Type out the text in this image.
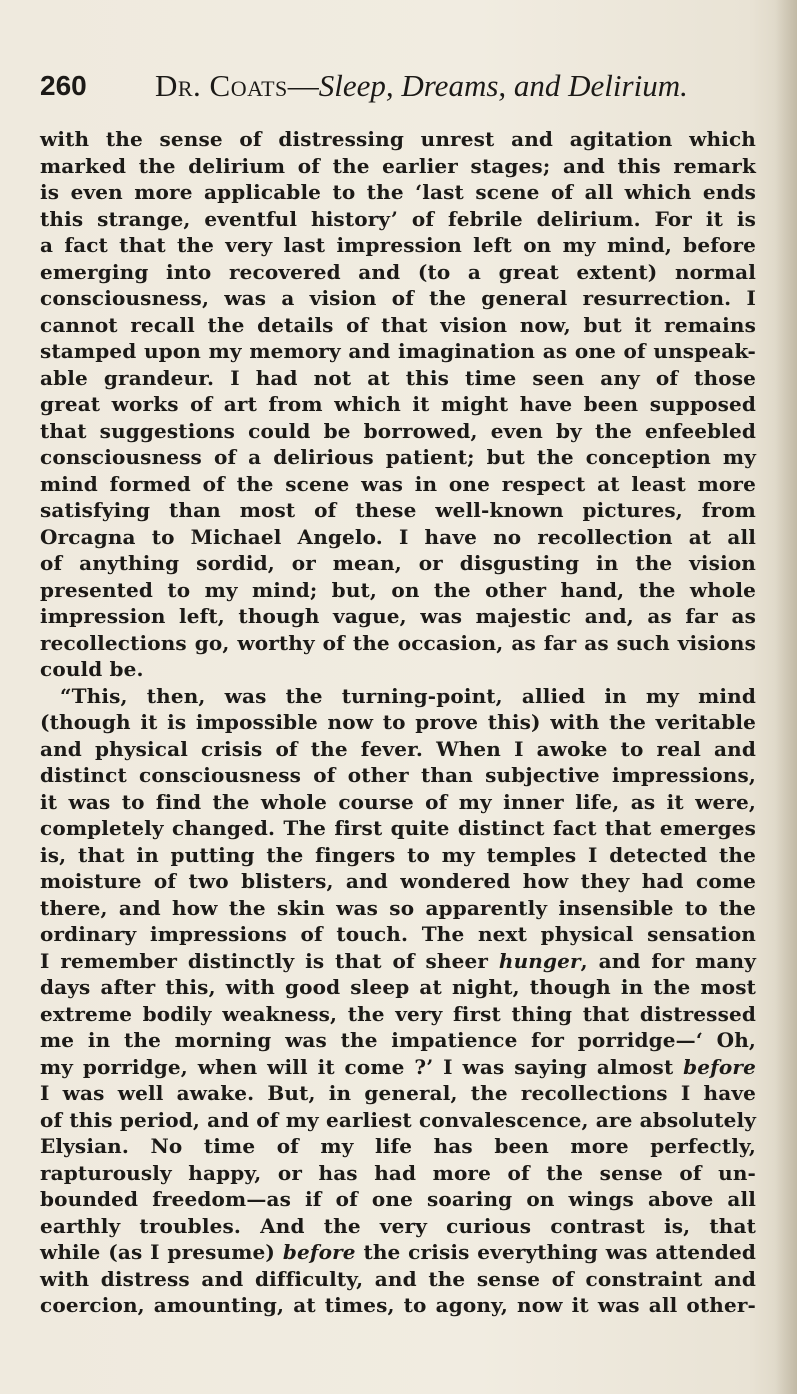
260 Dr. Coats—Sleep, Dreams, and Delirium.
with the sense of distressing unrest and agitation which
marked the delirium of the earlier stages; and this remark
is even more applicable to the ‘last scene of all which ends
this strange, eventful history’ of febrile delirium. For it is
a fact that the very last impression left on my mind, before
emerging into recovered and (to a great extent) normal
consciousness, was a vision of the general resurrection. I
cannot recall the details of that vision now, but it remains
stamped upon my memory and imagination as one of unspeak-
able grandeur. I had not at this time seen any of those
great works of art from which it might have been supposed
that suggestions could be borrowed, even by the enfeebled
consciousness of a delirious patient; but the conception my
mind formed of the scene was in one respect at least more
satisfying than most of these well-known pictures, from
Orcagna to Michael Angelo. I have no recollection at all
of anything sordid, or mean, or disgusting in the vision
presented to my mind; but, on the other hand, the whole
impression left, though vague, was majestic and, as far as
recollections go, worthy of the occasion, as far as such visions
could be.
“This, then, was the turning-point, allied in my mind
(though it is impossible now to prove this) with the veritable
and physical crisis of the fever. When I awoke to real and
distinct consciousness of other than subjective impressions,
it was to find the whole course of my inner life, as it were,
completely changed. The first quite distinct fact that emerges
is, that in putting the fingers to my temples I detected the
moisture of two blisters, and wondered how they had come
there, and how the skin was so apparently insensible to the
ordinary impressions of touch. The next physical sensation
I remember distinctly is that of sheer hunger, and for many
days after this, with good sleep at night, though in the most
extreme bodily weakness, the very first thing that distressed
me in the morning was the impatience for porridge—‘ Oh,
my porridge, when will it come ?’ I was saying almost before
I was well awake. But, in general, the recollections I have
of this period, and of my earliest convalescence, are absolutely
Elysian. No time of my life has been more perfectly,
rapturously happy, or has had more of the sense of un-
bounded freedom—as if of one soaring on wings above all
earthly troubles. And the very curious contrast is, that
while (as I presume) before the crisis everything was attended
with distress and difficulty, and the sense of constraint and
coercion, amounting, at times, to agony, now it was all other-
